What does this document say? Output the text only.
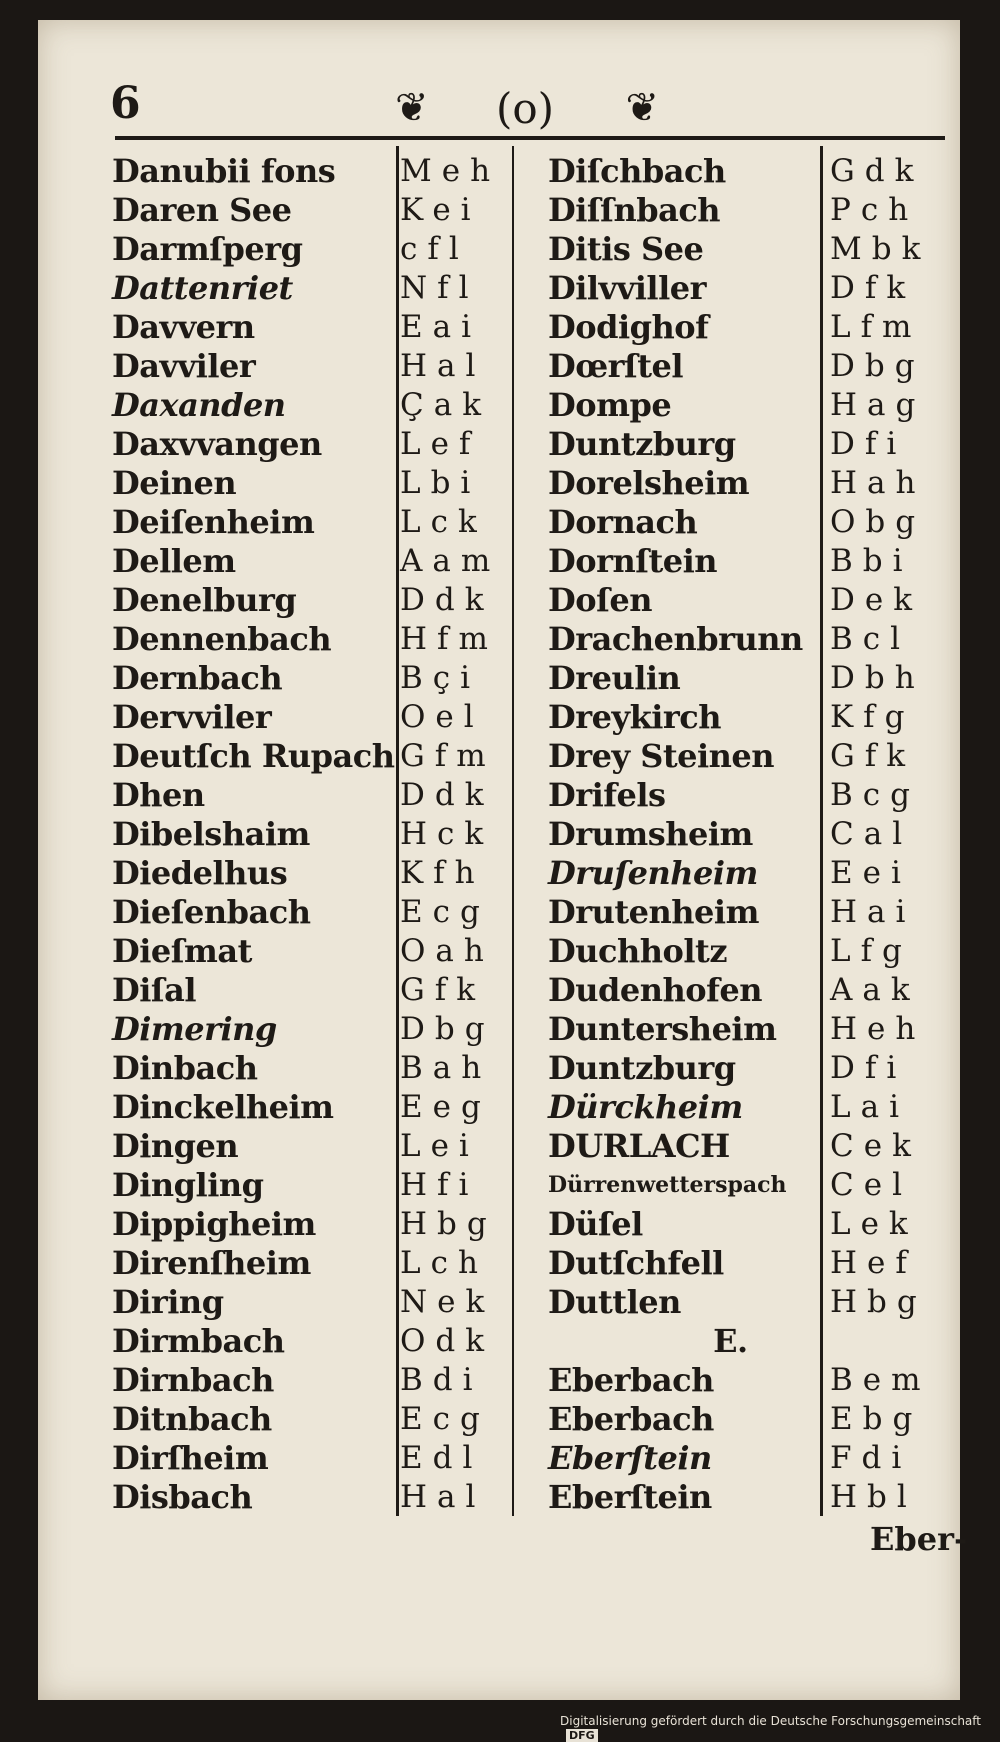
6	❦ (o) ❦
Danubii fons
Daren See
Darmſperg
Dattenriet
Davvern
Davviler
Daxanden
Daxvvangen
Deinen
Deiſenheim
Dellem
Denelburg
Dennenbach
Dernbach
Dervviler
Deutſch Rupach
Dhen
Dibelshaim
Diedelhus
Dieſenbach
Dieſmat
Diſal
Dimering
Dinbach
Dinckelheim
Dingen
Dingling
Dippigheim
Direnſheim
Diring
Dirmbach
Dirnbach
Ditnbach
Dirſheim
Disbach
Meh
Kei
cfl
Nfl
Eai
Hal
Çak
Lef
Lbi
Lck
Aam
Ddk
Hfm
Bçi
Oel
Gfm
Ddk
Hck
Kfh
Ecg
Oah
Gfk
Dbg
Bah
Eeg
Lei
Hfi
Hbg
Lch
Nek
Odk
Bdi
Ecg
Edl
Hal
Diſchbach
Diſſnbach
Ditis See
Dilvviller
Dodighof
Dœrſtel
Dompe
Duntzburg
Dorelsheim
Dornach
Dornſtein
Doſen
Drachenbrunn
Dreulin
Dreykirch
Drey Steinen
Drifels
Drumsheim
Druſenheim
Drutenheim
Duchholtz
Dudenhofen
Duntersheim
Duntzburg
Dürckheim
DURLACH
Dürrenwetterspach
Düſel
Dutſchfell
Duttlen
E.
Eberbach
Eberbach
Eberſtein
Eberſtein
Gdk
Pch
Mbk
Dfk
Lfm
Dbg
Hag
Dfi
Hah
Obg
Bbi
Dek
Bcl
Dbh
Kfg
Gfk
Bcg
Cal
Eei
Hai
Lfg
Aak
Heh
Dfi
Lai
Cek
Cel
Lek
Hef
Hbg
Bem
Ebg
Fdi
Hbl
Eber-
Digitalisierung gefördert durch die Deutsche Forschungsgemeinschaft DFG
